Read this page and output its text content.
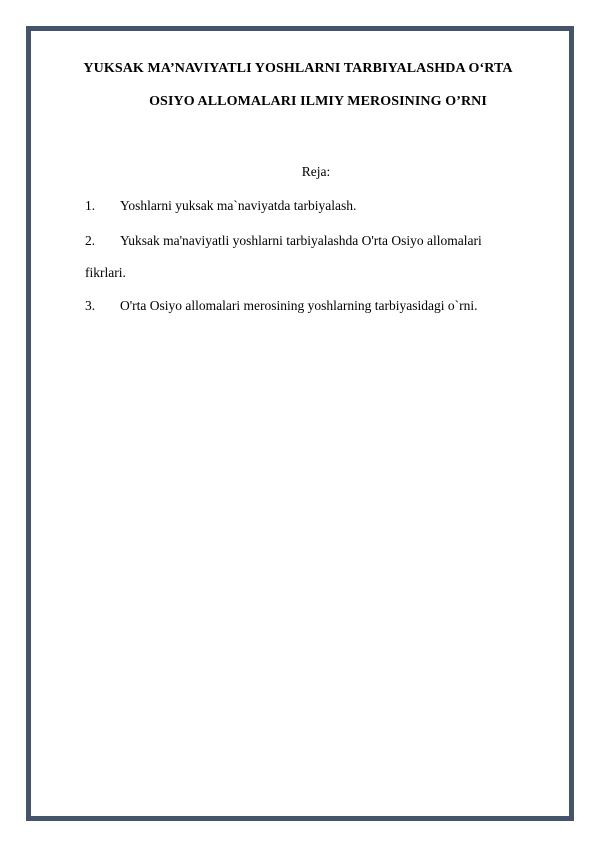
YUKSAK MA’NAVIYATLI YOSHLARNI TARBIYALASHDA O‘RTA
OSIYO ALLOMALARI ILMIY MEROSINING O’RNI
Reja:
1. Yoshlarni yuksak ma`naviyatda tarbiyalash.
2. Yuksak ma'naviyatli yoshlarni tarbiyalashda O'rta Osiyo allomalari
fikrlari.
3. O'rta Osiyo allomalari merosining yoshlarning tarbiyasidagi o`rni.
